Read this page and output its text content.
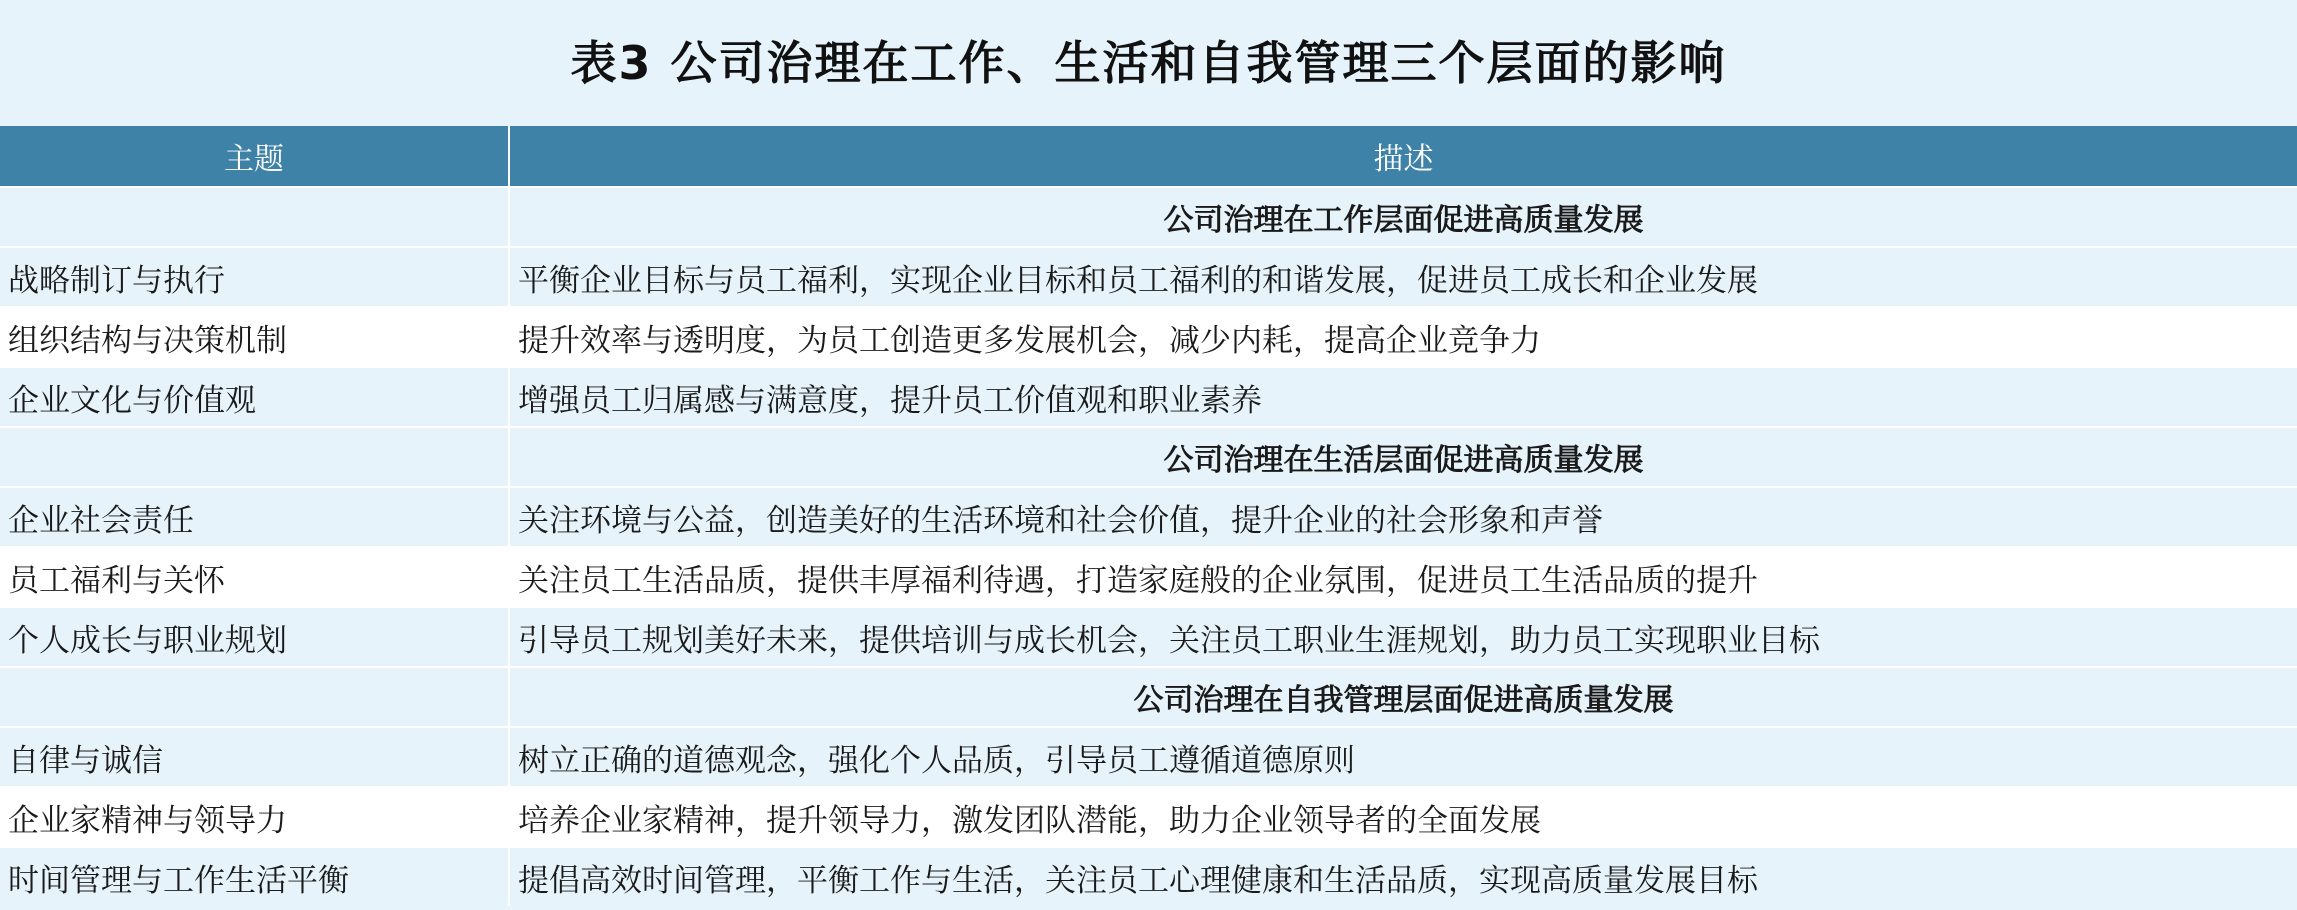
表3 公司治理在工作、生活和自我管理三个层面的影响
主题	描述
	公司治理在工作层面促进高质量发展
战略制订与执行	平衡企业目标与员工福利，实现企业目标和员工福利的和谐发展，促进员工成长和企业发展
组织结构与决策机制	提升效率与透明度，为员工创造更多发展机会，减少内耗，提高企业竞争力
企业文化与价值观	增强员工归属感与满意度，提升员工价值观和职业素养
	公司治理在生活层面促进高质量发展
企业社会责任	关注环境与公益，创造美好的生活环境和社会价值，提升企业的社会形象和声誉
员工福利与关怀	关注员工生活品质，提供丰厚福利待遇，打造家庭般的企业氛围，促进员工生活品质的提升
个人成长与职业规划	引导员工规划美好未来，提供培训与成长机会，关注员工职业生涯规划，助力员工实现职业目标
	公司治理在自我管理层面促进高质量发展
自律与诚信	树立正确的道德观念，强化个人品质，引导员工遵循道德原则
企业家精神与领导力	培养企业家精神，提升领导力，激发团队潜能，助力企业领导者的全面发展
时间管理与工作生活平衡	提倡高效时间管理，平衡工作与生活，关注员工心理健康和生活品质，实现高质量发展目标
